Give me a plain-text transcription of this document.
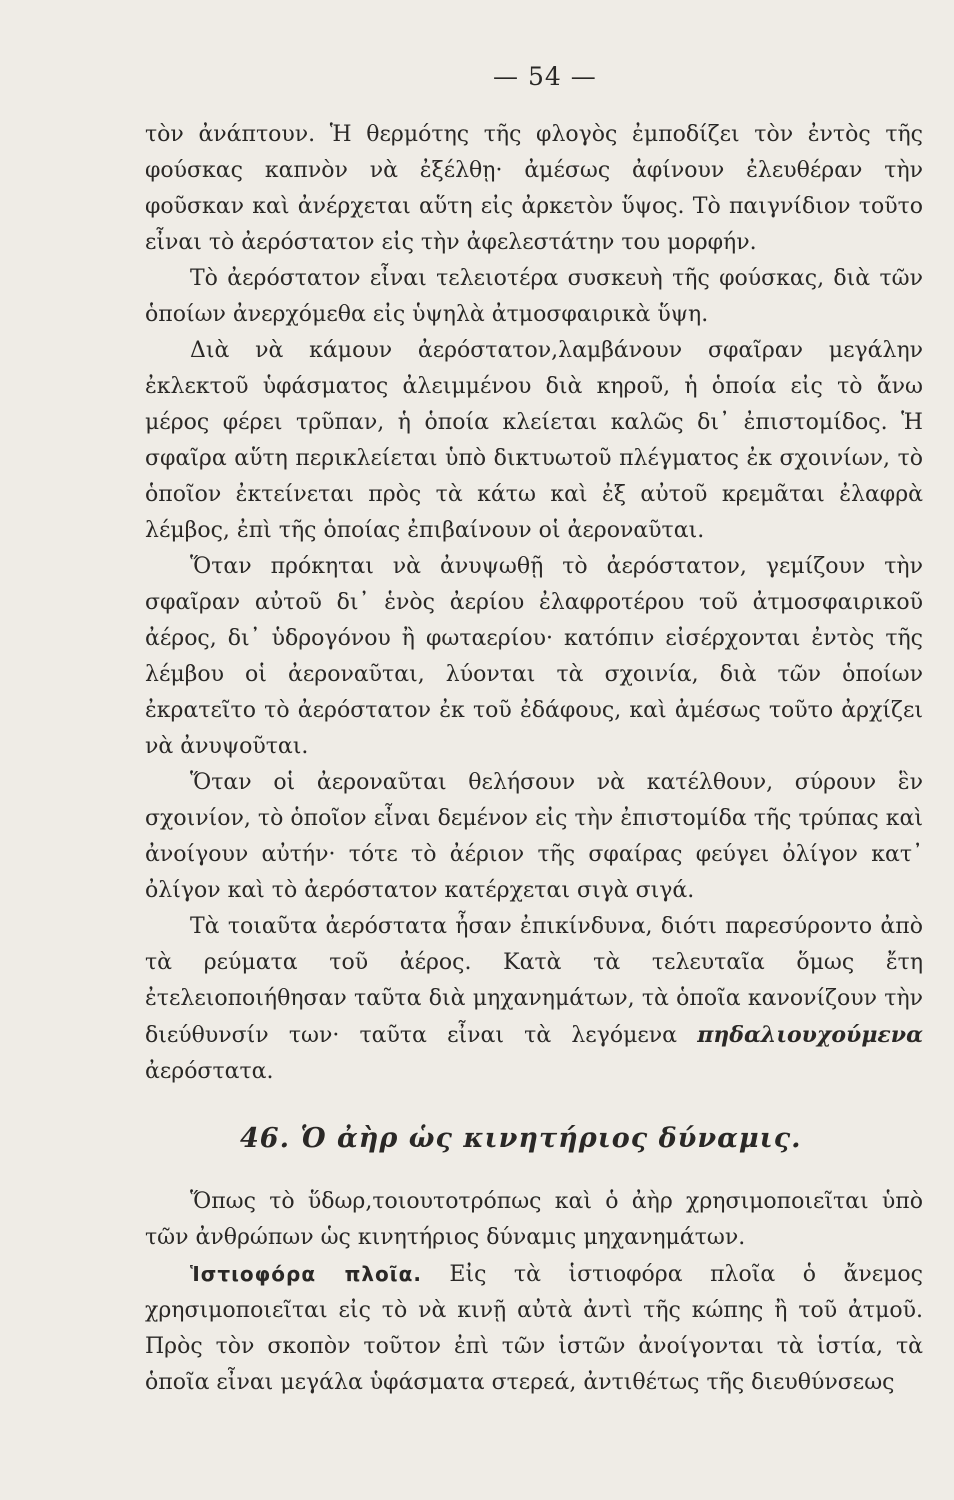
— 54 —

τὸν ἀνάπτουν. Ἡ θερμότης τῆς φλογὸς ἐμποδίζει τὸν ἐντὸς τῆς φούσκας καπνὸν νὰ ἐξέλθῃ· ἀμέσως ἀφίνουν ἐλευθέραν τὴν φοῦσκαν καὶ ἀνέρχεται αὕτη εἰς ἀρκετὸν ὕψος. Τὸ παιγνίδιον τοῦτο εἶναι τὸ ἀερόστατον εἰς τὴν ἀφελεστάτην του μορφήν.

Τὸ ἀερόστατον εἶναι τελειοτέρα συσκευὴ τῆς φούσκας, διὰ τῶν ὁποίων ἀνερχόμεθα εἰς ὑψηλὰ ἀτμοσφαιρικὰ ὕψη.

Διὰ νὰ κάμουν ἀερόστατον,λαμβάνουν σφαῖραν μεγάλην ἐκλεκτοῦ ὑφάσματος ἀλειμμένου διὰ κηροῦ, ἡ ὁποία εἰς τὸ ἄνω μέρος φέρει τρῦπαν, ἡ ὁποία κλείεται καλῶς δι᾿ ἐπιστομίδος. Ἡ σφαῖρα αὕτη περικλείεται ὑπὸ δικτυωτοῦ πλέγματος ἐκ σχοινίων, τὸ ὁποῖον ἐκτείνεται πρὸς τὰ κάτω καὶ ἐξ αὐτοῦ κρεμᾶται ἐλαφρὰ λέμβος, ἐπὶ τῆς ὁποίας ἐπιβαίνουν οἱ ἀεροναῦται.

Ὅταν πρόκηται νὰ ἀνυψωθῇ τὸ ἀερόστατον, γεμίζουν τὴν σφαῖραν αὐτοῦ δι᾿ ἑνὸς ἀερίου ἐλαφροτέρου τοῦ ἀτμοσφαιρικοῦ ἀέρος, δι᾿ ὑδρογόνου ἢ φωταερίου· κατόπιν εἰσέρχονται ἐντὸς τῆς λέμβου οἱ ἀεροναῦται, λύονται τὰ σχοινία, διὰ τῶν ὁποίων ἐκρατεῖτο τὸ ἀερόστατον ἐκ τοῦ ἐδάφους, καὶ ἀμέσως τοῦτο ἀρχίζει νὰ ἀνυψοῦται.

Ὅταν οἱ ἀεροναῦται θελήσουν νὰ κατέλθουν, σύρουν ἓν σχοινίον, τὸ ὁποῖον εἶναι δεμένον εἰς τὴν ἐπιστομίδα τῆς τρύπας καὶ ἀνοίγουν αὐτήν· τότε τὸ ἀέριον τῆς σφαίρας φεύγει ὀλίγον κατ᾿ ὀλίγον καὶ τὸ ἀερόστατον κατέρχεται σιγὰ σιγά.

Τὰ τοιαῦτα ἀερόστατα ἦσαν ἐπικίνδυνα, διότι παρεσύροντο ἀπὸ τὰ ρεύματα τοῦ ἀέρος. Κατὰ τὰ τελευταῖα ὅμως ἔτη ἐτελειοποιήθησαν ταῦτα διὰ μηχανημάτων, τὰ ὁποῖα κανονίζουν τὴν διεύθυνσίν των· ταῦτα εἶναι τὰ λεγόμενα πηδαλιουχούμενα ἀερόστατα.

46. Ὁ ἀὴρ ὡς κινητήριος δύναμις.

Ὅπως τὸ ὕδωρ,τοιουτοτρόπως καὶ ὁ ἀὴρ χρησιμοποιεῖται ὑπὸ τῶν ἀνθρώπων ὡς κινητήριος δύναμις μηχανημάτων.

Ἱστιοφόρα πλοῖα. Εἰς τὰ ἱστιοφόρα πλοῖα ὁ ἄνεμος χρησιμοποιεῖται εἰς τὸ νὰ κινῇ αὐτὰ ἀντὶ τῆς κώπης ἢ τοῦ ἀτμοῦ. Πρὸς τὸν σκοπὸν τοῦτον ἐπὶ τῶν ἱστῶν ἀνοίγονται τὰ ἱστία, τὰ ὁποῖα εἶναι μεγάλα ὑφάσματα στερεά, ἀντιθέτως τῆς διευθύνσεως
